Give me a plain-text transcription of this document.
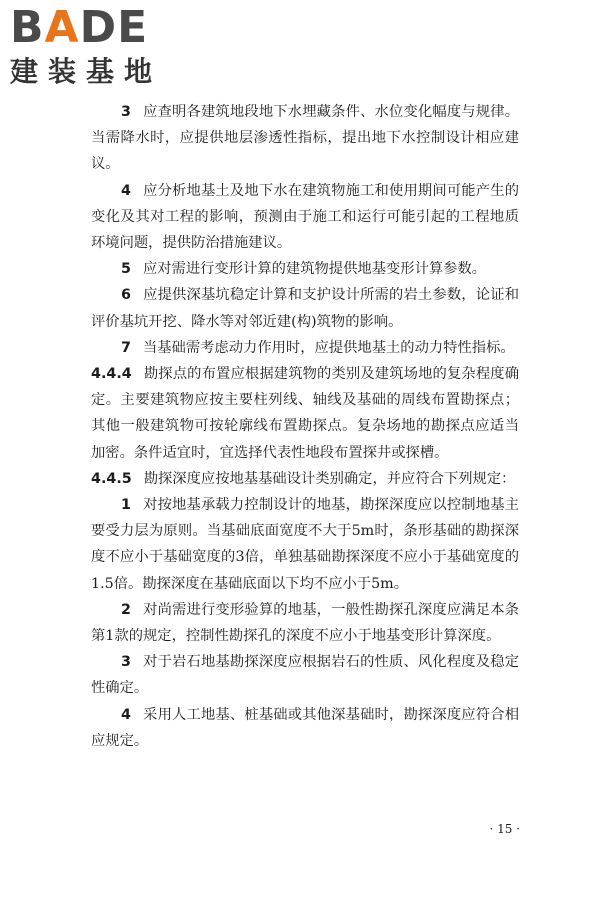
BADE
建装基地

3 应查明各建筑地段地下水埋藏条件、水位变化幅度与规律。当需降水时，应提供地层渗透性指标，提出地下水控制设计相应建议。

4 应分析地基土及地下水在建筑物施工和使用期间可能产生的变化及其对工程的影响，预测由于施工和运行可能引起的工程地质环境问题，提供防治措施建议。

5 应对需进行变形计算的建筑物提供地基变形计算参数。

6 应提供深基坑稳定计算和支护设计所需的岩土参数，论证和评价基坑开挖、降水等对邻近建(构)筑物的影响。

7 当基础需考虑动力作用时，应提供地基土的动力特性指标。

4.4.4 勘探点的布置应根据建筑物的类别及建筑场地的复杂程度确定。主要建筑物应按主要柱列线、轴线及基础的周线布置勘探点；其他一般建筑物可按轮廓线布置勘探点。复杂场地的勘探点应适当加密。条件适宜时，宜选择代表性地段布置探井或探槽。

4.4.5 勘探深度应按地基基础设计类别确定，并应符合下列规定：

1 对按地基承载力控制设计的地基，勘探深度应以控制地基主要受力层为原则。当基础底面宽度不大于5m时，条形基础的勘探深度不应小于基础宽度的3倍，单独基础勘探深度不应小于基础宽度的1.5倍。勘探深度在基础底面以下均不应小于5m。

2 对尚需进行变形验算的地基，一般性勘探孔深度应满足本条第1款的规定，控制性勘探孔的深度不应小于地基变形计算深度。

3 对于岩石地基勘探深度应根据岩石的性质、风化程度及稳定性确定。

4 采用人工地基、桩基础或其他深基础时，勘探深度应符合相应规定。

· 15 ·
